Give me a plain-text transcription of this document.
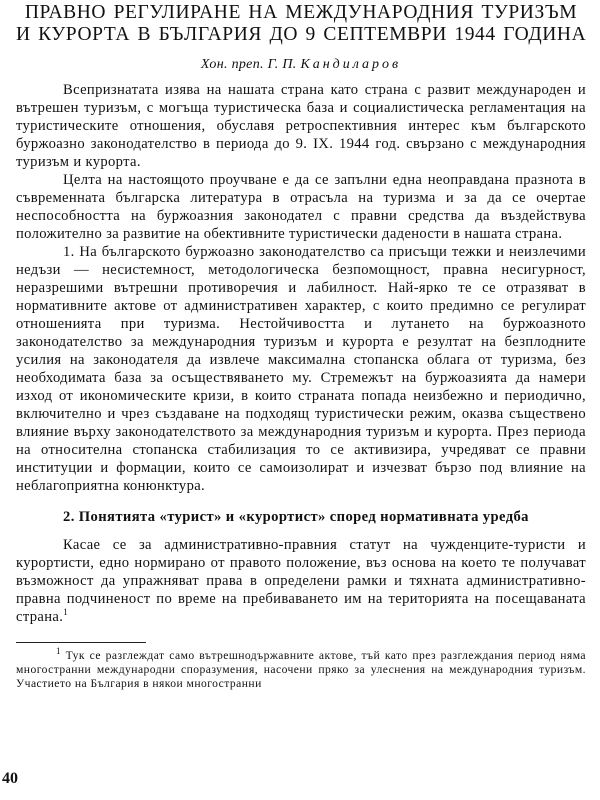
ПРАВНО РЕГУЛИРАНЕ НА МЕЖДУНАРОДНИЯ ТУРИЗЪМ
И КУРОРТА В БЪЛГАРИЯ ДО 9 СЕПТЕМВРИ 1944 ГОДИНА
Хон. преп. Г. П. Кандиларов

Всепризнатата изява на нашата страна като страна с развит международен и вътрешен туризъм, с могъща туристическа база и социалистическа регламентация на туристическите отношения, обуславя ретроспективния интерес към българското буржоазно законодателство в периода до 9. IX. 1944 год. свързано с международния туризъм и курорта.

Целта на настоящото проучване е да се запълни една неоправдана празнота в съвременната българска литература в отрасъла на туризма и за да се очертае неспособността на буржоазния законодател с правни средства да въздействува положително за развитие на обективните туристически дадености в нашата страна.

1. На българското буржоазно законодателство са присъщи тежки и неизлечими недъзи — несистемност, методологическа безпомощност, правна несигурност, неразрешими вътрешни противоречия и лабилност. Най-ярко те се отразяват в нормативните актове от административен характер, с които предимно се регулират отношенията при туризма. Нестойчивостта и лутането на буржоазното законодателство за международния туризъм и курорта е резултат на безплодните усилия на законодателя да извлече максимална стопанска облага от туризма, без необходимата база за осъществяването му. Стремежът на буржоазията да намери изход от икономическите кризи, в които страната попада неизбежно и периодично, включително и чрез създаване на подходящ туристически режим, оказва съществено влияние върху законодателството за международния туризъм и курорта. През периода на относителна стопанска стабилизация то се активизира, учредяват се правни институции и формации, които се самоизолират и изчезват бързо под влияние на неблагоприятна конюнктура.

2. Понятията «турист» и «курортист» според нормативната уредба

Касае се за административно-правния статут на чужденците-туристи и курортисти, едно нормирано от правото положение, въз основа на което те получават възможност да упражняват права в определени рамки и тяхната административно-правна подчиненост по време на пребиваването им на територията на посещаваната страна.$^1$

$^1$ Тук се разглеждат само вътрешнодържавните актове, тъй като през разглеждания период няма многостранни международни споразумения, насочени пряко за улеснения на международния туризъм. Участието на България в някои многостранни

40
